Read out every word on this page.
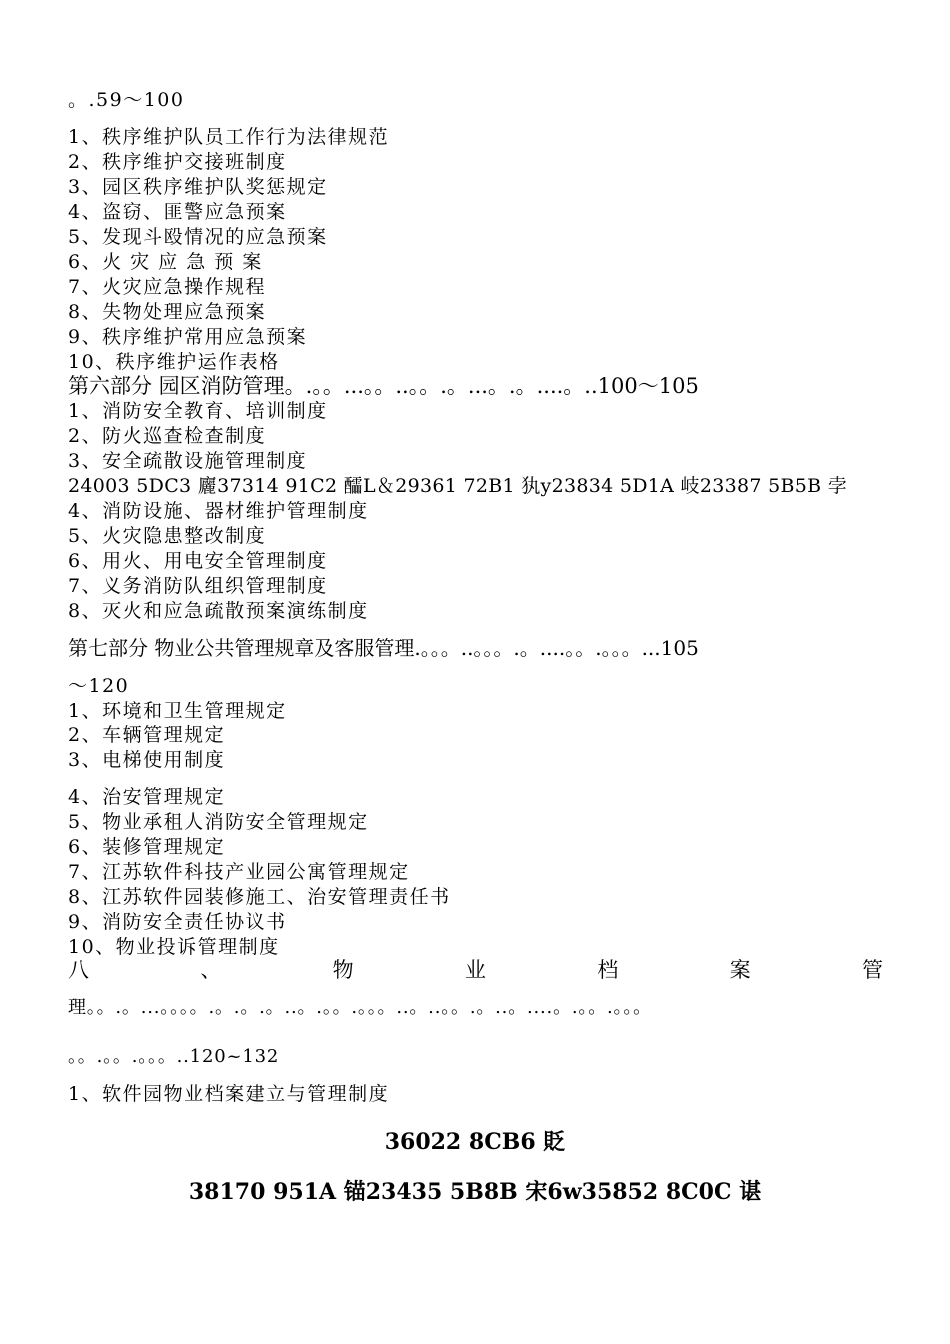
。.59～100
1、秩序维护队员工作行为法律规范
2、秩序维护交接班制度
3、园区秩序维护队奖惩规定
4、盗窃、匪警应急预案
5、发现斗殴情况的应急预案
6、火 灾 应 急 预 案
7、火灾应急操作规程
8、失物处理应急预案
9、秩序维护常用应急预案
10、秩序维护运作表格
第六部分 园区消防管理。.。。...。。..。。.。...。.。....。..100～105
1、消防安全教育、培训制度
2、防火巡查检查制度
3、安全疏散设施管理制度
24003 5DC3 廲37314 91C2 醽L＆29361 72B1 犱y23834 5D1A 岐23387 5B5B 孛
4、消防设施、器材维护管理制度
5、火灾隐患整改制度
6、用火、用电安全管理制度
7、义务消防队组织管理制度
8、灭火和应急疏散预案演练制度
第七部分 物业公共管理规章及客服管理.。。。..。。。.。....。。.。。。...105
～120
1、环境和卫生管理规定
2、车辆管理规定
3、电梯使用制度
4、治安管理规定
5、物业承租人消防安全管理规定
6、装修管理规定
7、江苏软件科技产业园公寓管理规定
8、江苏软件园装修施工、治安管理责任书
9、消防安全责任协议书
10、物业投诉管理制度
八	、	物	业	档	案	管
理。。.。...。。。。.。.。.。..。.。。.。。。..。..。。.。..。....。.。。.。。。
。。.。。.。。。..120~132
1、软件园物业档案建立与管理制度
36022 8CB6 貶
38170 951A 锚23435 5B8B 宋6w35852 8C0C 谌
